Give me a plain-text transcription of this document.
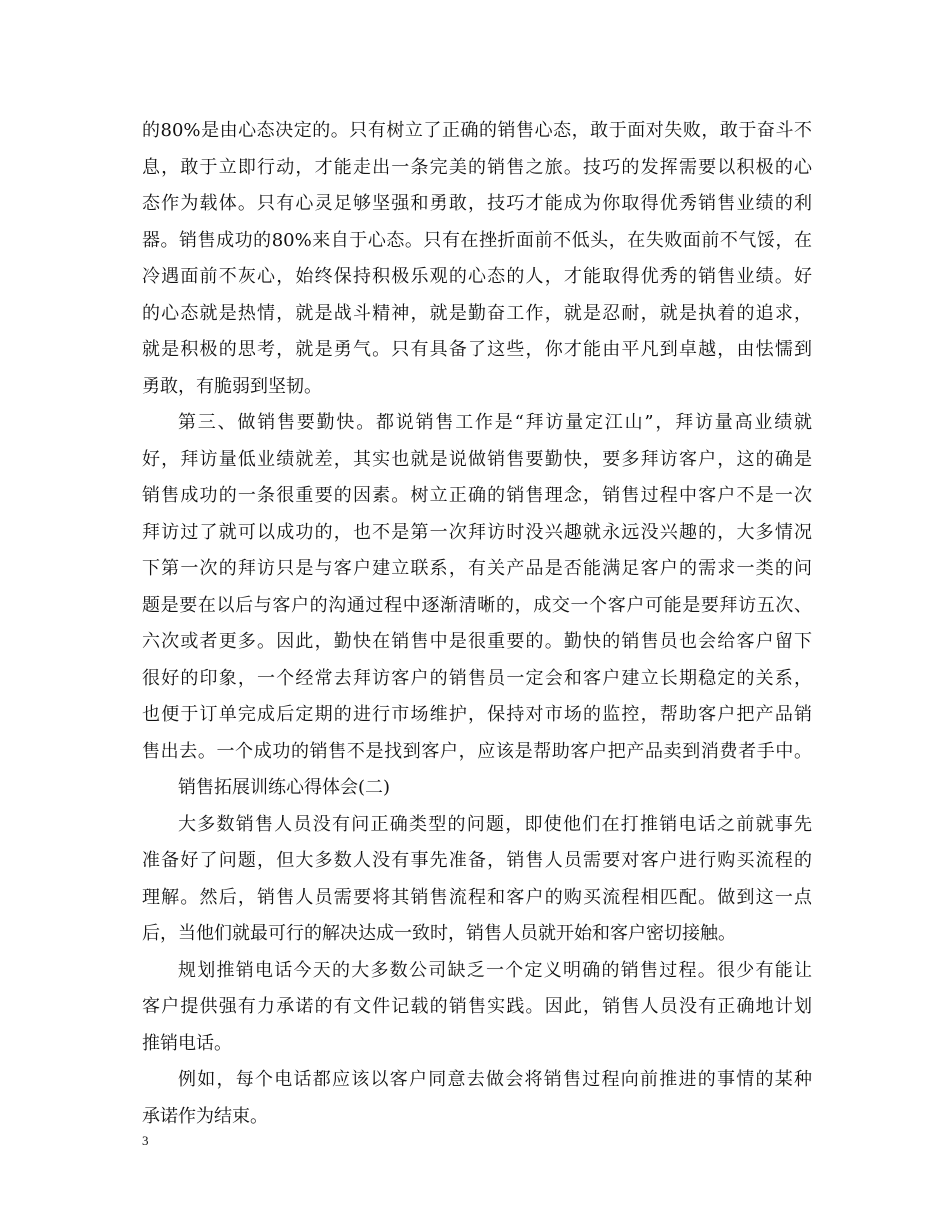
的80%是由心态决定的。只有树立了正确的销售心态，敢于面对失败，敢于奋斗不
息，敢于立即行动，才能走出一条完美的销售之旅。技巧的发挥需要以积极的心
态作为载体。只有心灵足够坚强和勇敢，技巧才能成为你取得优秀销售业绩的利
器。销售成功的80%来自于心态。只有在挫折面前不低头，在失败面前不气馁，在
冷遇面前不灰心，始终保持积极乐观的心态的人，才能取得优秀的销售业绩。好
的心态就是热情，就是战斗精神，就是勤奋工作，就是忍耐，就是执着的追求，
就是积极的思考，就是勇气。只有具备了这些，你才能由平凡到卓越，由怯懦到
勇敢，有脆弱到坚韧。
第三、做销售要勤快。都说销售工作是“拜访量定江山”，拜访量高业绩就
好，拜访量低业绩就差，其实也就是说做销售要勤快，要多拜访客户，这的确是
销售成功的一条很重要的因素。树立正确的销售理念，销售过程中客户不是一次
拜访过了就可以成功的，也不是第一次拜访时没兴趣就永远没兴趣的，大多情况
下第一次的拜访只是与客户建立联系，有关产品是否能满足客户的需求一类的问
题是要在以后与客户的沟通过程中逐渐清晰的，成交一个客户可能是要拜访五次、
六次或者更多。因此，勤快在销售中是很重要的。勤快的销售员也会给客户留下
很好的印象，一个经常去拜访客户的销售员一定会和客户建立长期稳定的关系，
也便于订单完成后定期的进行市场维护，保持对市场的监控，帮助客户把产品销
售出去。一个成功的销售不是找到客户，应该是帮助客户把产品卖到消费者手中。
销售拓展训练心得体会(二)
大多数销售人员没有问正确类型的问题，即使他们在打推销电话之前就事先
准备好了问题，但大多数人没有事先准备，销售人员需要对客户进行购买流程的
理解。然后，销售人员需要将其销售流程和客户的购买流程相匹配。做到这一点
后，当他们就最可行的解决达成一致时，销售人员就开始和客户密切接触。
规划推销电话今天的大多数公司缺乏一个定义明确的销售过程。很少有能让
客户提供强有力承诺的有文件记载的销售实践。因此，销售人员没有正确地计划
推销电话。
例如，每个电话都应该以客户同意去做会将销售过程向前推进的事情的某种
承诺作为结束。
3
